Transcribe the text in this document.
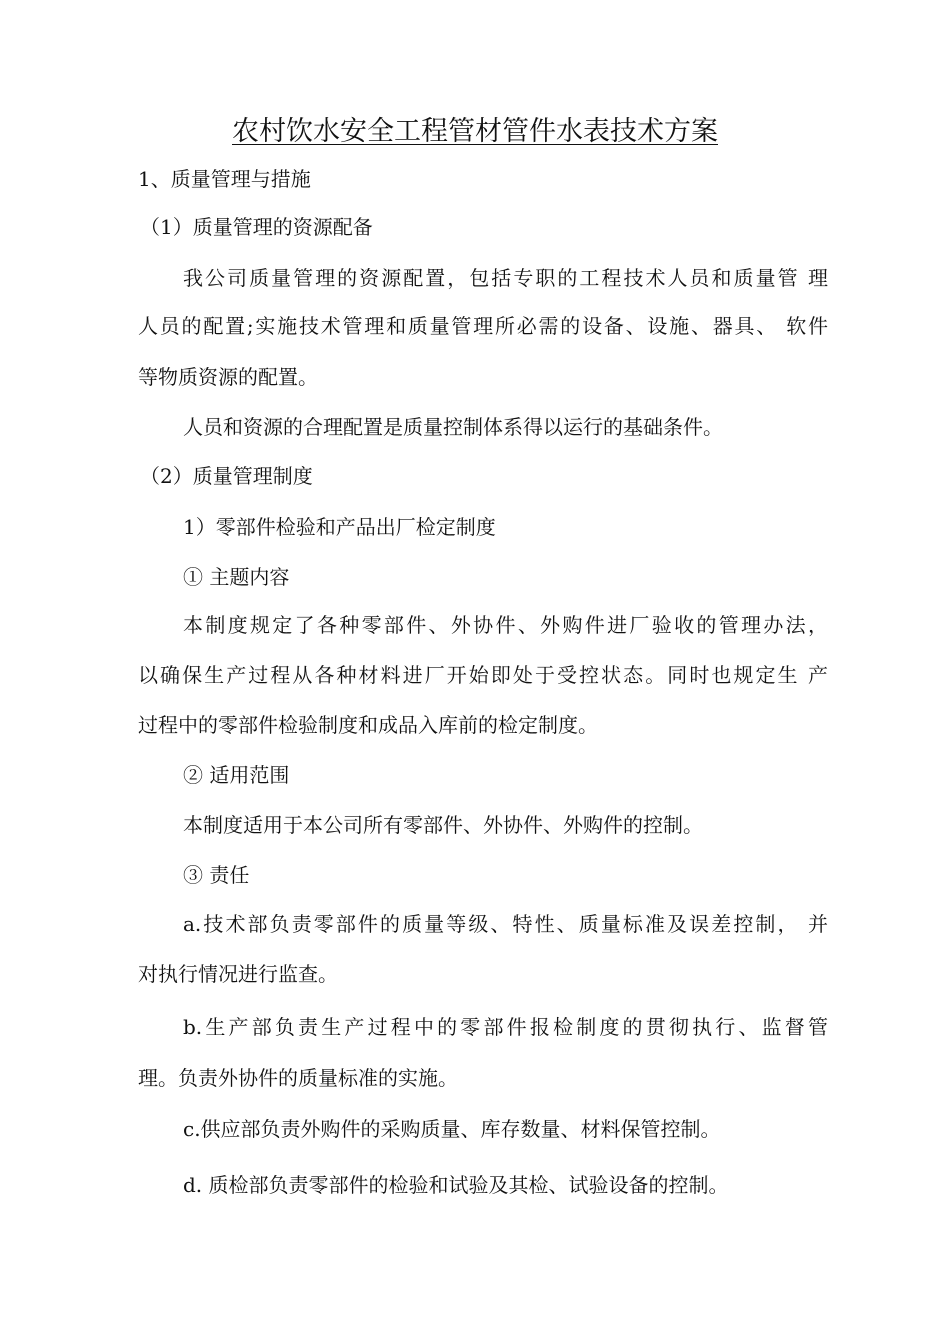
农村饮水安全工程管材管件水表技术方案
1、质量管理与措施
（1）质量管理的资源配备
我公司质量管理的资源配置，包括专职的工程技术人员和质量管 理
人员的配置;实施技术管理和质量管理所必需的设备、设施、器具、 软件
等物质资源的配置。
人员和资源的合理配置是质量控制体系得以运行的基础条件。
（2）质量管理制度
1）零部件检验和产品出厂检定制度
① 主题内容
本制度规定了各种零部件、外协件、外购件进厂验收的管理办法，
以确保生产过程从各种材料进厂开始即处于受控状态。同时也规定生 产
过程中的零部件检验制度和成品入库前的检定制度。
② 适用范围
本制度适用于本公司所有零部件、外协件、外购件的控制。
③ 责任
a.技术部负责零部件的质量等级、特性、质量标准及误差控制， 并
对执行情况进行监查。
b.生产部负责生产过程中的零部件报检制度的贯彻执行、监督管
理。负责外协件的质量标准的实施。
c.供应部负责外购件的采购质量、库存数量、材料保管控制。
d. 质检部负责零部件的检验和试验及其检、试验设备的控制。
